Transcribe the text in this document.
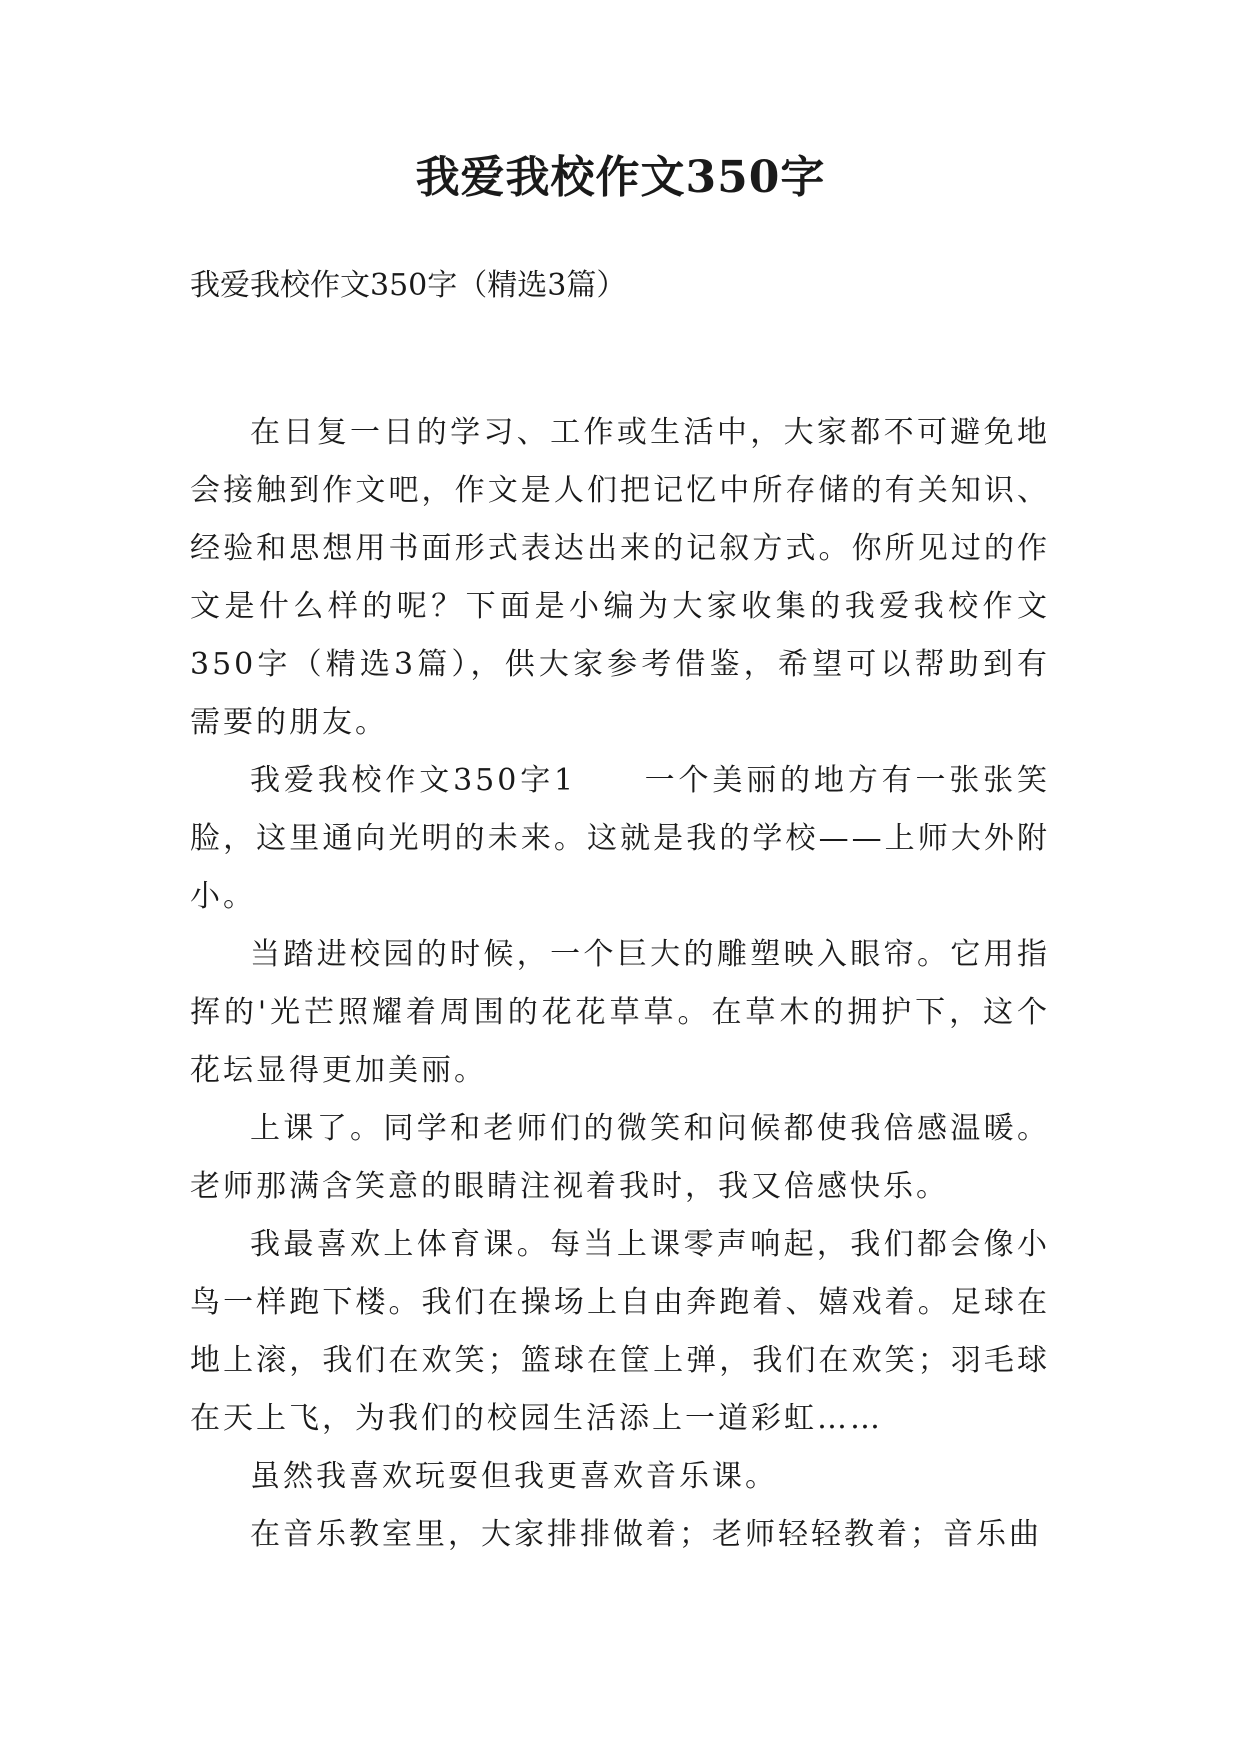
我爱我校作文350字
我爱我校作文350字（精选3篇）

在日复一日的学习、工作或生活中，大家都不可避免地会接触到作文吧，作文是人们把记忆中所存储的有关知识、经验和思想用书面形式表达出来的记叙方式。你所见过的作文是什么样的呢？下面是小编为大家收集的我爱我校作文350字（精选3篇），供大家参考借鉴，希望可以帮助到有需要的朋友。

我爱我校作文350字1　　一个美丽的地方有一张张笑脸，这里通向光明的未来。这就是我的学校——上师大外附小。

当踏进校园的时候，一个巨大的雕塑映入眼帘。它用指挥的'光芒照耀着周围的花花草草。在草木的拥护下，这个花坛显得更加美丽。

上课了。同学和老师们的微笑和问候都使我倍感温暖。老师那满含笑意的眼睛注视着我时，我又倍感快乐。

我最喜欢上体育课。每当上课零声响起，我们都会像小鸟一样跑下楼。我们在操场上自由奔跑着、嬉戏着。足球在地上滚，我们在欢笑；篮球在筐上弹，我们在欢笑；羽毛球在天上飞，为我们的校园生活添上一道彩虹……

虽然我喜欢玩耍但我更喜欢音乐课。

在音乐教室里，大家排排做着；老师轻轻教着；音乐曲
